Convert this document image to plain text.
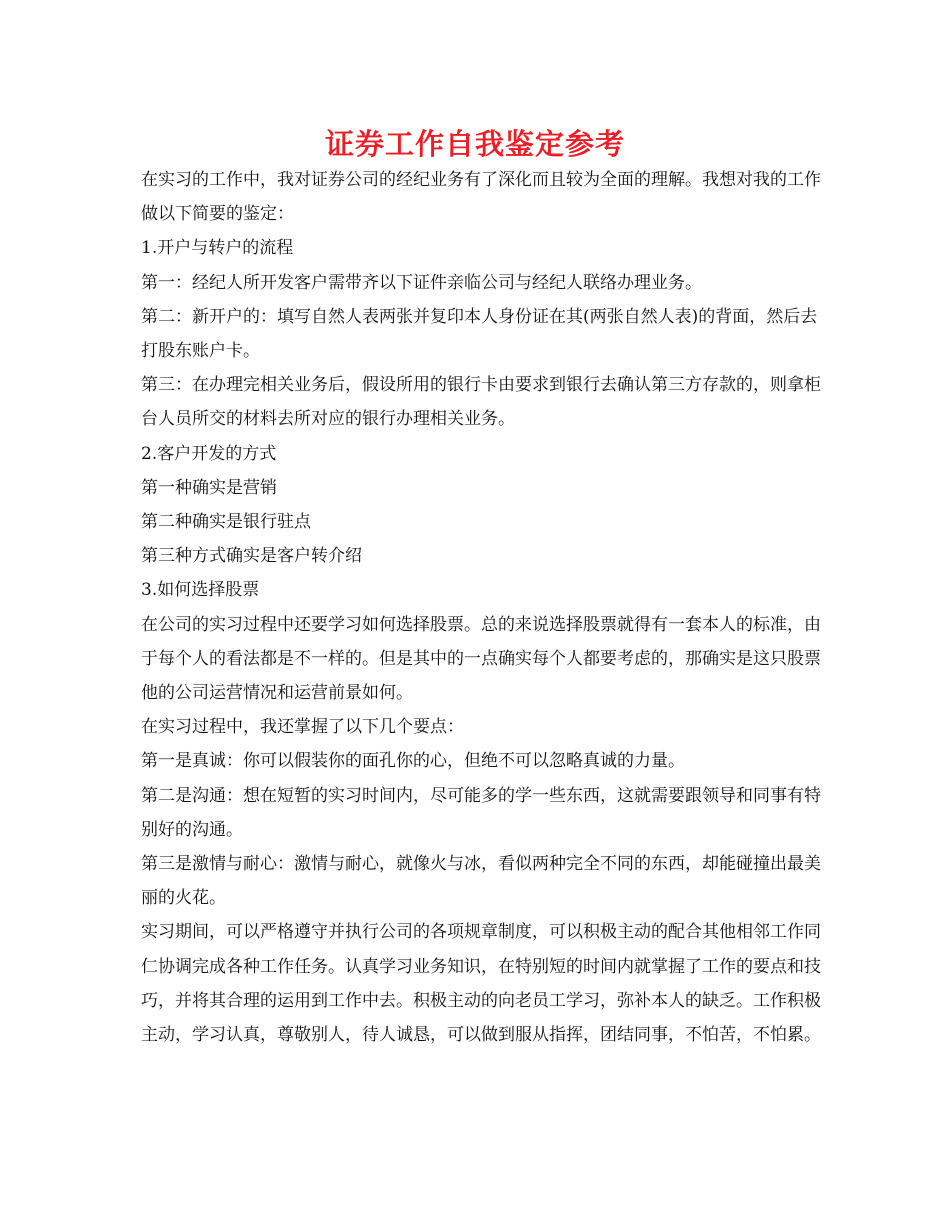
证券工作自我鉴定参考

在实习的工作中，我对证券公司的经纪业务有了深化而且较为全面的理解。我想对我的工作做以下简要的鉴定：

1.开户与转户的流程

第一：经纪人所开发客户需带齐以下证件亲临公司与经纪人联络办理业务。

第二：新开户的：填写自然人表两张并复印本人身份证在其(两张自然人表)的背面，然后去打股东账户卡。

第三：在办理完相关业务后，假设所用的银行卡由要求到银行去确认第三方存款的，则拿柜台人员所交的材料去所对应的银行办理相关业务。

2.客户开发的方式

第一种确实是营销

第二种确实是银行驻点

第三种方式确实是客户转介绍

3.如何选择股票

在公司的实习过程中还要学习如何选择股票。总的来说选择股票就得有一套本人的标准，由于每个人的看法都是不一样的。但是其中的一点确实每个人都要考虑的，那确实是这只股票他的公司运营情况和运营前景如何。

在实习过程中，我还掌握了以下几个要点：

第一是真诚：你可以假装你的面孔你的心，但绝不可以忽略真诚的力量。

第二是沟通：想在短暂的实习时间内，尽可能多的学一些东西，这就需要跟领导和同事有特别好的沟通。

第三是激情与耐心：激情与耐心，就像火与冰，看似两种完全不同的东西，却能碰撞出最美丽的火花。

实习期间，可以严格遵守并执行公司的各项规章制度，可以积极主动的配合其他相邻工作同仁协调完成各种工作任务。认真学习业务知识，在特别短的时间内就掌握了工作的要点和技巧，并将其合理的运用到工作中去。积极主动的向老员工学习，弥补本人的缺乏。工作积极主动，学习认真，尊敬别人，待人诚恳，可以做到服从指挥，团结同事，不怕苦，不怕累。
